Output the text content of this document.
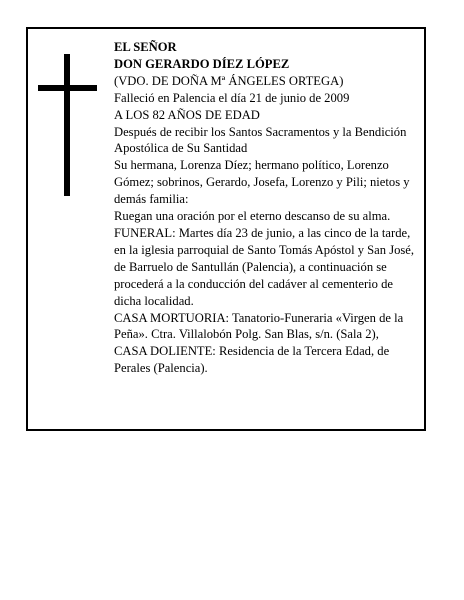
EL SEÑOR

DON GERARDO DÍEZ LÓPEZ

(VDO. DE DOÑA Mª ÁNGELES ORTEGA)

Falleció en Palencia el día 21 de junio de 2009

A LOS 82 AÑOS DE EDAD

Después de recibir los Santos Sacramentos y la Bendición Apostólica de Su Santidad

Su hermana, Lorenza Díez; hermano político, Lorenzo Gómez; sobrinos, Gerardo, Josefa, Lorenzo y Pili; nietos y demás familia:

Ruegan una oración por el eterno descanso de su alma.

FUNERAL: Martes día 23 de junio, a las cinco de la tarde, en la iglesia parroquial de Santo Tomás Apóstol y San José, de Barruelo de Santullán (Palencia), a continuación se procederá a la conducción del cadáver al cementerio de dicha localidad.

CASA MORTUORIA: Tanatorio-Funeraria «Virgen de la Peña». Ctra. Villalobón Polg. San Blas, s/n. (Sala 2),

CASA DOLIENTE: Residencia de la Tercera Edad, de Perales (Palencia).
